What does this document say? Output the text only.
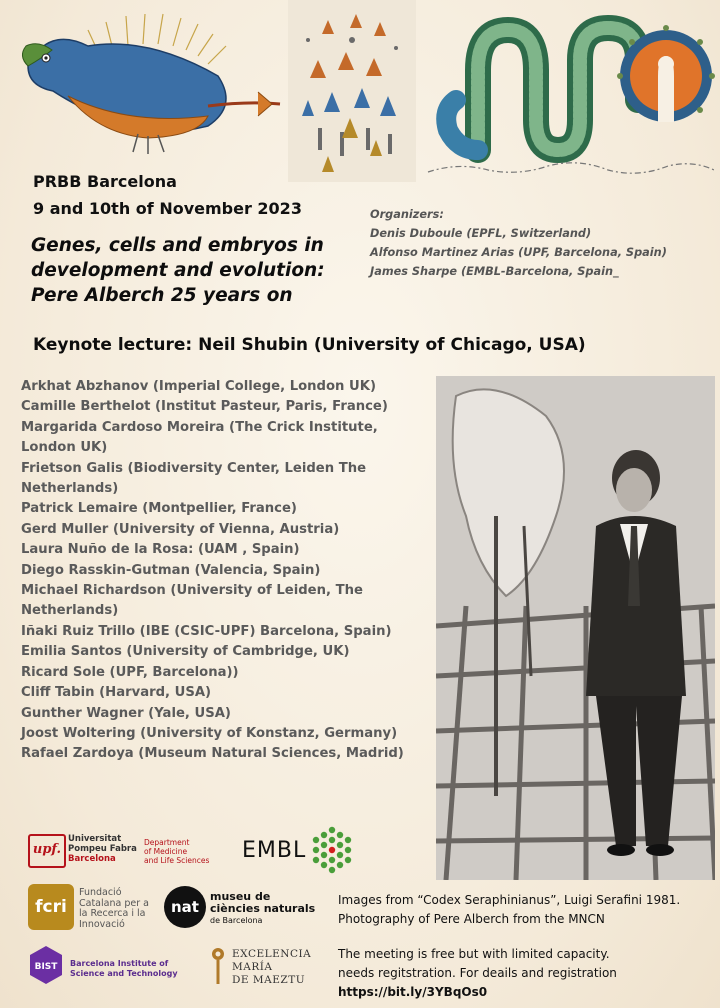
PRBB Barcelona
9 and 10th of November 2023
Genes, cells and embryos in
development and evolution:
Pere Alberch 25 years on
Organizers:
Denis Duboule (EPFL, Switzerland)
Alfonso Martinez Arias (UPF, Barcelona, Spain)
James Sharpe (EMBL-Barcelona, Spain_
Keynote lecture: Neil Shubin (University of Chicago, USA)
Arkhat Abzhanov (Imperial College, London UK)
Camille Berthelot (Institut Pasteur, Paris, France)
Margarida Cardoso Moreira (The Crick Institute,
London UK)
Frietson Galis (Biodiversity Center, Leiden The
Netherlands)
Patrick Lemaire (Montpellier, France)
Gerd Muller (University of Vienna, Austria)
Laura Nuño de la Rosa: (UAM , Spain)
Diego Rasskin-Gutman (Valencia, Spain)
Michael Richardson (University of Leiden, The
Netherlands)
Iñaki Ruiz Trillo (IBE (CSIC-UPF) Barcelona, Spain)
Emilia Santos (University of Cambridge, UK)
Ricard Sole (UPF, Barcelona))
Cliff Tabin (Harvard, USA)
Gunther Wagner (Yale, USA)
Joost Woltering (University of Konstanz, Germany)
Rafael Zardoya (Museum Natural Sciences, Madrid)
upf.
Universitat
Pompeu Fabra
Barcelona
Department
of Medicine
and Life Sciences EMBL
fcri
Fundació
Catalana per a
la Recerca i la
Innovació
nat
museu de
ciències naturals
de Barcelona
BIST Barcelona Institute of
Science and Technology
EXCELENCIA
MARÍA
DE MAEZTU
Images from “Codex Seraphinianus”, Luigi Serafini 1981.
Photography of Pere Alberch from the MNCN
The meeting is free but with limited capacity.
needs regitstration. For deails and registration
https://bit.ly/3YBqOs0
